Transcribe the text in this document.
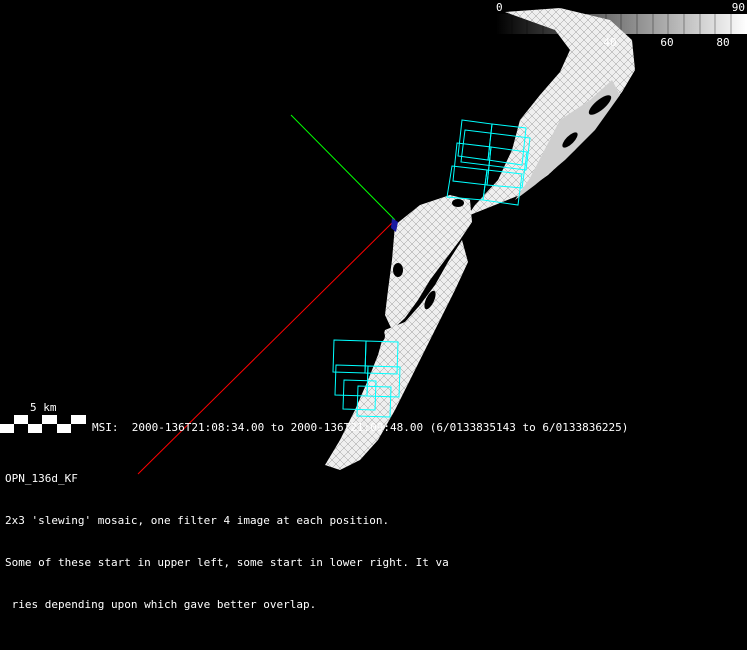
0	90
40	60	80
5 km
MSI:  2000-136T21:08:34.00 to 2000-136T21:09:48.00 (6/0133835143 to 6/0133836225)

OPN_136d_KF

2x3 'slewing' mosaic, one filter 4 image at each position.

Some of these start in upper left, some start in lower right. It va

ries depending upon which gave better overlap.
